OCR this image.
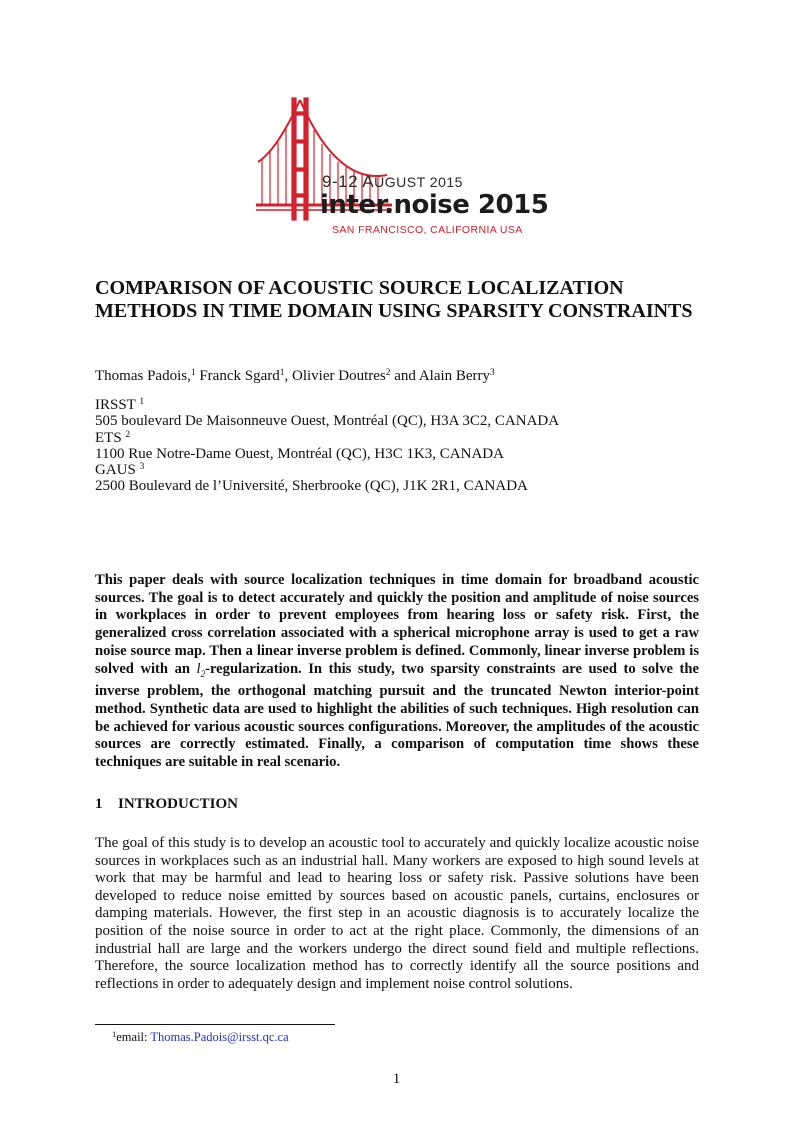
9-12 AUGUST 2015
inter.noise 2015
SAN FRANCISCO, CALIFORNIA USA
COMPARISON OF ACOUSTIC SOURCE LOCALIZATION METHODS IN TIME DOMAIN USING SPARSITY CONSTRAINTS
Thomas Padois,$^1$ Franck Sgard$^1$, Olivier Doutres$^2$ and Alain Berry$^3$
IRSST $^1$
505 boulevard De Maisonneuve Ouest, Montréal (QC), H3A 3C2, CANADA
ETS $^2$
1100 Rue Notre-Dame Ouest, Montréal (QC), H3C 1K3, CANADA
GAUS $^3$
2500 Boulevard de l’Université, Sherbrooke (QC), J1K 2R1, CANADA
This paper deals with source localization techniques in time domain for broadband acoustic sources. The goal is to detect accurately and quickly the position and amplitude of noise sources in workplaces in order to prevent employees from hearing loss or safety risk. First, the generalized cross correlation associated with a spherical microphone array is used to get a raw noise source map. Then a linear inverse problem is defined. Commonly, linear inverse problem is solved with an $l_2$-regularization. In this study, two sparsity constraints are used to solve the inverse problem, the orthogonal matching pursuit and the truncated Newton interior-point method. Synthetic data are used to highlight the abilities of such techniques. High resolution can be achieved for various acoustic sources configurations. Moreover, the amplitudes of the acoustic sources are correctly estimated. Finally, a comparison of computation time shows these techniques are suitable in real scenario.
1 INTRODUCTION
The goal of this study is to develop an acoustic tool to accurately and quickly localize acoustic noise sources in workplaces such as an industrial hall. Many workers are exposed to high sound levels at work that may be harmful and lead to hearing loss or safety risk. Passive solutions have been developed to reduce noise emitted by sources based on acoustic panels, curtains, enclosures or damping materials. However, the first step in an acoustic diagnosis is to accurately localize the position of the noise source in order to act at the right place. Commonly, the dimensions of an industrial hall are large and the workers undergo the direct sound field and multiple reflections. Therefore, the source localization method has to correctly identify all the source positions and reflections in order to adequately design and implement noise control solutions.
$^1$email: Thomas.Padois@irsst.qc.ca
1
